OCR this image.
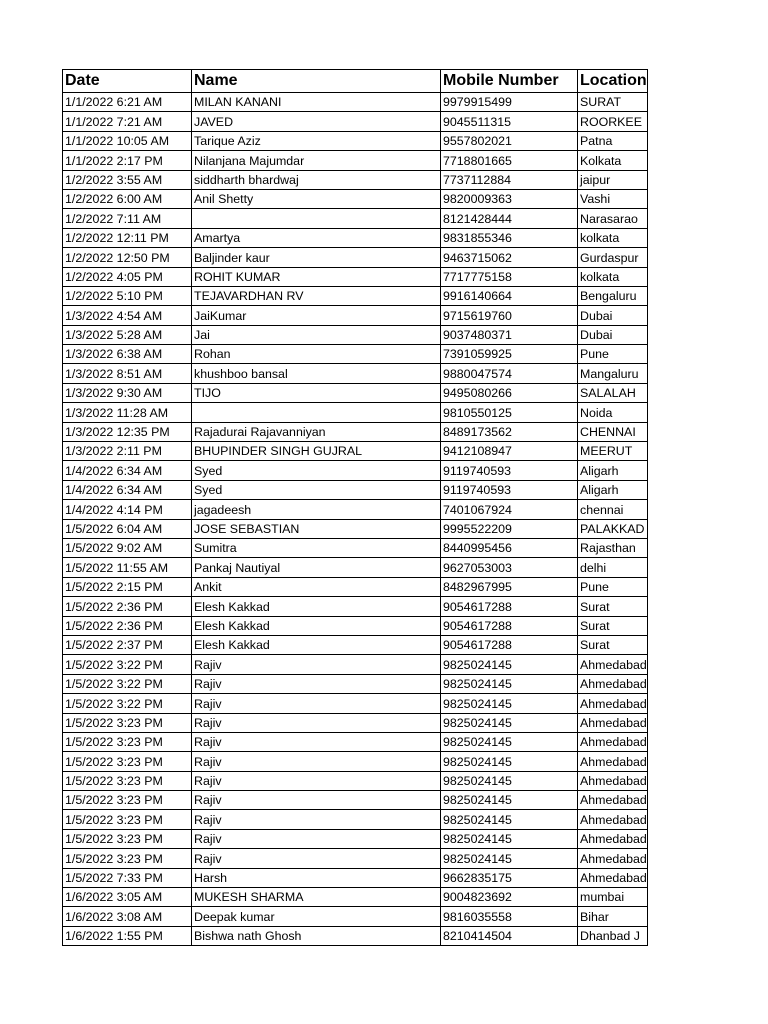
Date	Name	Mobile Number	Location
1/1/2022 6:21 AM	MILAN KANANI	9979915499	SURAT
1/1/2022 7:21 AM	JAVED	9045511315	ROORKEE
1/1/2022 10:05 AM	Tarique Aziz	9557802021	Patna
1/1/2022 2:17 PM	Nilanjana Majumdar	7718801665	Kolkata
1/2/2022 3:55 AM	siddharth bhardwaj	7737112884	jaipur
1/2/2022 6:00 AM	Anil Shetty	9820009363	Vashi
1/2/2022 7:11 AM		8121428444	Narasarao
1/2/2022 12:11 PM	Amartya	9831855346	kolkata
1/2/2022 12:50 PM	Baljinder kaur	9463715062	Gurdaspur
1/2/2022 4:05 PM	ROHIT KUMAR	7717775158	kolkata
1/2/2022 5:10 PM	TEJAVARDHAN RV	9916140664	Bengaluru
1/3/2022 4:54 AM	JaiKumar	9715619760	Dubai
1/3/2022 5:28 AM	Jai	9037480371	Dubai
1/3/2022 6:38 AM	Rohan	7391059925	Pune
1/3/2022 8:51 AM	khushboo bansal	9880047574	Mangaluru
1/3/2022 9:30 AM	TIJO	9495080266	SALALAH
1/3/2022 11:28 AM		9810550125	Noida
1/3/2022 12:35 PM	Rajadurai Rajavanniyan	8489173562	CHENNAI
1/3/2022 2:11 PM	BHUPINDER SINGH GUJRAL	9412108947	MEERUT
1/4/2022 6:34 AM	Syed	9119740593	Aligarh
1/4/2022 6:34 AM	Syed	9119740593	Aligarh
1/4/2022 4:14 PM	jagadeesh	7401067924	chennai
1/5/2022 6:04 AM	JOSE SEBASTIAN	9995522209	PALAKKAD
1/5/2022 9:02 AM	Sumitra	8440995456	Rajasthan
1/5/2022 11:55 AM	Pankaj Nautiyal	9627053003	delhi
1/5/2022 2:15 PM	Ankit	8482967995	Pune
1/5/2022 2:36 PM	Elesh Kakkad	9054617288	Surat
1/5/2022 2:36 PM	Elesh Kakkad	9054617288	Surat
1/5/2022 2:37 PM	Elesh Kakkad	9054617288	Surat
1/5/2022 3:22 PM	Rajiv	9825024145	Ahmedabad
1/5/2022 3:22 PM	Rajiv	9825024145	Ahmedabad
1/5/2022 3:22 PM	Rajiv	9825024145	Ahmedabad
1/5/2022 3:23 PM	Rajiv	9825024145	Ahmedabad
1/5/2022 3:23 PM	Rajiv	9825024145	Ahmedabad
1/5/2022 3:23 PM	Rajiv	9825024145	Ahmedabad
1/5/2022 3:23 PM	Rajiv	9825024145	Ahmedabad
1/5/2022 3:23 PM	Rajiv	9825024145	Ahmedabad
1/5/2022 3:23 PM	Rajiv	9825024145	Ahmedabad
1/5/2022 3:23 PM	Rajiv	9825024145	Ahmedabad
1/5/2022 3:23 PM	Rajiv	9825024145	Ahmedabad
1/5/2022 7:33 PM	Harsh	9662835175	Ahmedabad
1/6/2022 3:05 AM	MUKESH SHARMA	9004823692	mumbai
1/6/2022 3:08 AM	Deepak kumar	9816035558	Bihar
1/6/2022 1:55 PM	Bishwa nath Ghosh	8210414504	Dhanbad J
